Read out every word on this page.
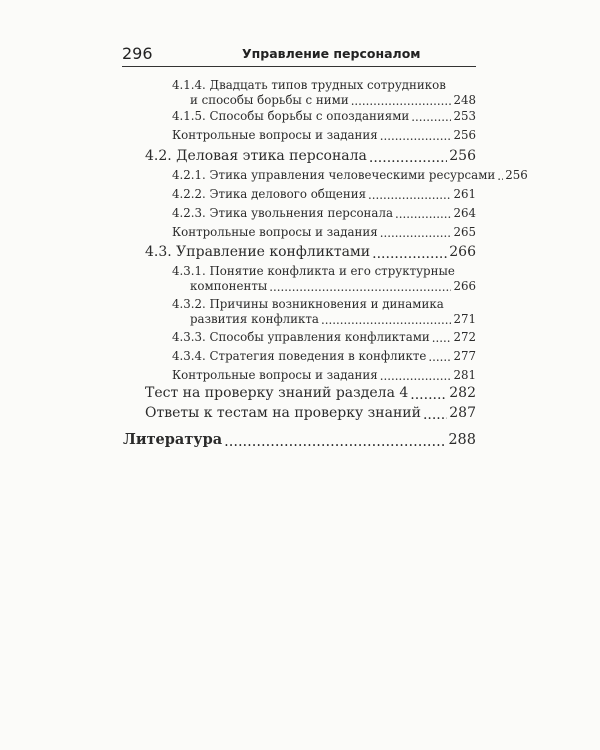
296	Управление персоналом
4.1.4. Двадцать типов трудных сотрудников
и способы борьбы с ними .....	248
4.1.5. Способы борьбы с опозданиями .....	253
Контрольные вопросы и задания .....	256
4.2. Деловая этика персонала .....	256
4.2.1. Этика управления человеческими ресурсами ..... 256
4.2.2. Этика делового общения .....	261
4.2.3. Этика увольнения персонала .....	264
Контрольные вопросы и задания .....	265
4.3. Управление конфликтами .....	266
4.3.1. Понятие конфликта и его структурные
компоненты .....	266
4.3.2. Причины возникновения и динамика
развития конфликта .....	271
4.3.3. Способы управления конфликтами ..... 272
4.3.4. Стратегия поведения в конфликте ..... 277
Контрольные вопросы и задания .....	281
Тест на проверку знаний раздела 4 .....	282
Ответы к тестам на проверку знаний ..... 287
Литература .....	288
